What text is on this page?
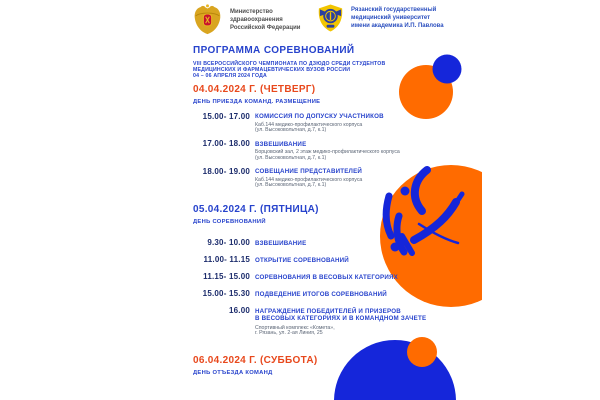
Министерство
здравоохранения
Российской Федерации
Рязанский государственный
медицинский университет
имени академика И.П. Павлова
ПРОГРАММА СОРЕВНОВАНИЙ
VIII ВСЕРОССИЙСКОГО ЧЕМПИОНАТА ПО ДЗЮДО СРЕДИ СТУДЕНТОВ
МЕДИЦИНСКИХ И ФАРМАЦЕВТИЧЕСКИХ ВУЗОВ РОССИИ
04 – 06 АПРЕЛЯ 2024 ГОДА
04.04.2024 Г. (ЧЕТВЕРГ)
ДЕНЬ ПРИЕЗДА КОМАНД. РАЗМЕЩЕНИЕ
15.00- 17.00 КОМИССИЯ ПО ДОПУСКУ УЧАСТНИКОВ
Каб.144 медико-профилактического корпуса
(ул. Высоковольтная, д.7, к.1)
17.00- 18.00 ВЗВЕШИВАНИЕ
Борцовский зал, 2 этаж медико-профилактического корпуса
(ул. Высоковольтная, д.7, к.1)
18.00- 19.00 СОВЕЩАНИЕ ПРЕДСТАВИТЕЛЕЙ
Каб.144 медико-профилактического корпуса
(ул. Высоковольтная, д.7, к.1)
05.04.2024 Г. (ПЯТНИЦА)
ДЕНЬ СОРЕВНОВАНИЙ
9.30- 10.00 ВЗВЕШИВАНИЕ
11.00- 11.15 ОТКРЫТИЕ СОРЕВНОВАНИЙ
11.15- 15.00 СОРЕВНОВАНИЯ В ВЕСОВЫХ КАТЕГОРИЯХ
15.00- 15.30 ПОДВЕДЕНИЕ ИТОГОВ СОРЕВНОВАНИЙ
16.00 НАГРАЖДЕНИЕ ПОБЕДИТЕЛЕЙ И ПРИЗЕРОВ
В ВЕСОВЫХ КАТЕГОРИЯХ И В КОМАНДНОМ ЗАЧЕТЕ
Спортивный комплекс «Комета»,
г. Рязань, ул. 2-ая Линия, 25
06.04.2024 Г. (СУББОТА)
ДЕНЬ ОТЪЕЗДА КОМАНД
